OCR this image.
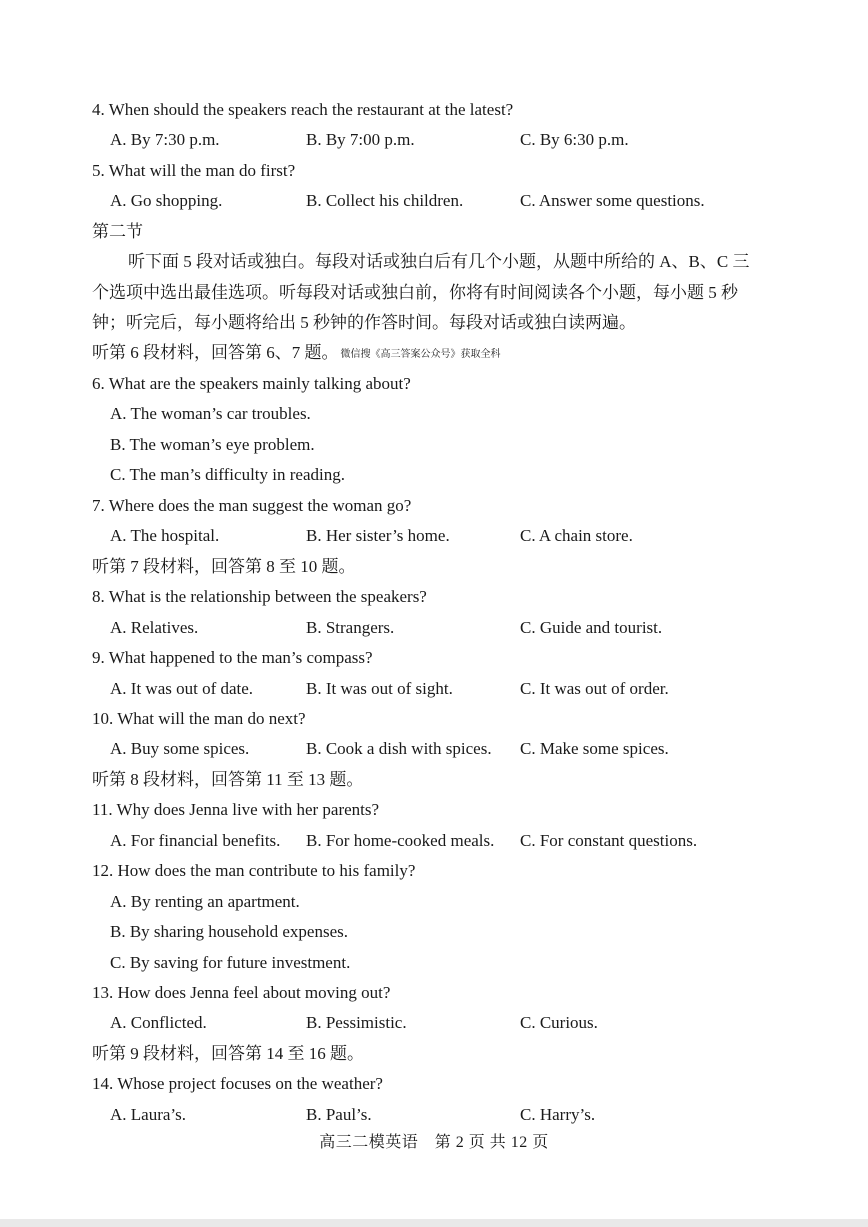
4. When should the speakers reach the restaurant at the latest?
A. By 7:30 p.m.	B. By 7:00 p.m.	C. By 6:30 p.m.
5. What will the man do first?
A. Go shopping.	B. Collect his children.	C. Answer some questions.
第二节
听下面 5 段对话或独白。每段对话或独白后有几个小题，从题中所给的 A、B、C 三
个选项中选出最佳选项。听每段对话或独白前，你将有时间阅读各个小题，每小题 5 秒
钟；听完后，每小题将给出 5 秒钟的作答时间。每段对话或独白读两遍。
听第 6 段材料，回答第 6、7 题。 微信搜《高三答案公众号》获取全科
6. What are the speakers mainly talking about?
A. The woman’s car troubles.
B. The woman’s eye problem.
C. The man’s difficulty in reading.
7. Where does the man suggest the woman go?
A. The hospital.	B. Her sister’s home.	C. A chain store.
听第 7 段材料，回答第 8 至 10 题。
8. What is the relationship between the speakers?
A. Relatives.	B. Strangers.	C. Guide and tourist.
9. What happened to the man’s compass?
A. It was out of date.	B. It was out of sight.	C. It was out of order.
10. What will the man do next?
A. Buy some spices.	B. Cook a dish with spices. C. Make some spices.
听第 8 段材料，回答第 11 至 13 题。
11. Why does Jenna live with her parents?
A. For financial benefits. B. For home-cooked meals. C. For constant questions.
12. How does the man contribute to his family?
A. By renting an apartment.
B. By sharing household expenses.
C. By saving for future investment.
13. How does Jenna feel about moving out?
A. Conflicted.	B. Pessimistic.	C. Curious.
听第 9 段材料，回答第 14 至 16 题。
14. Whose project focuses on the weather?
A. Laura’s.	B. Paul’s.	C. Harry’s.
高三二模英语　第 2 页 共 12 页
